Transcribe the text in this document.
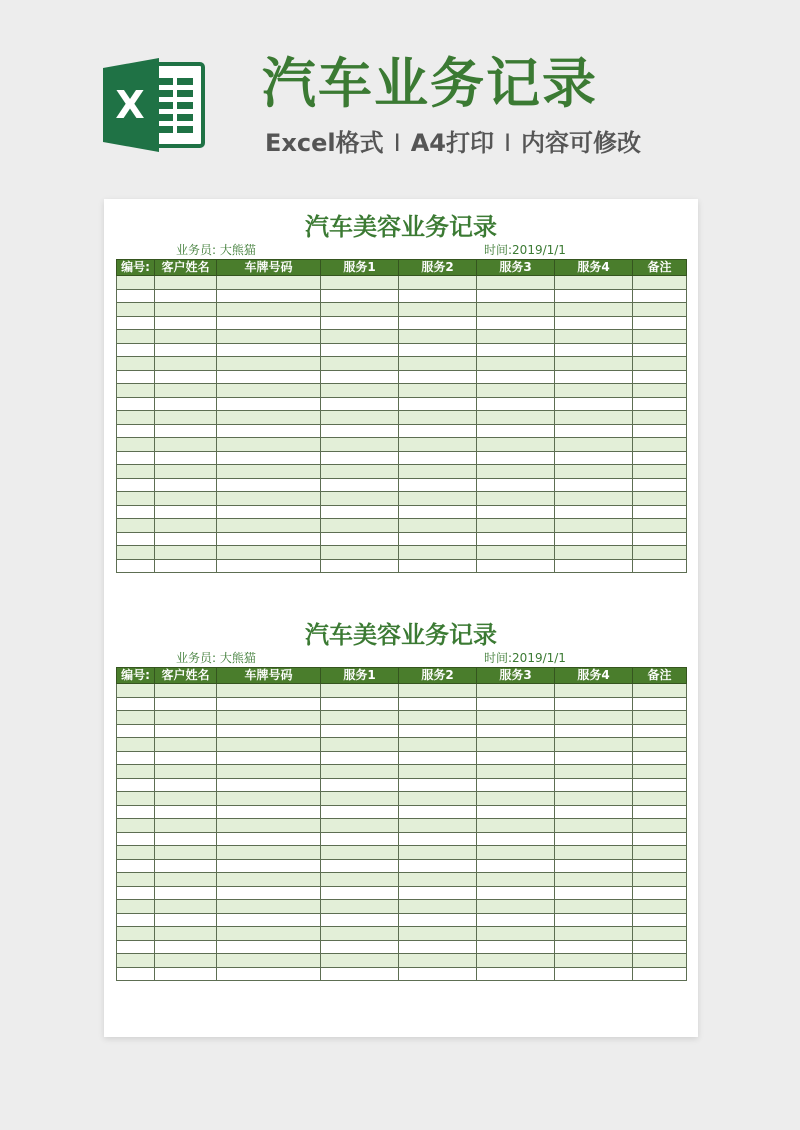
X 汽车业务记录
Excel格式 I A4打印 I 内容可修改
汽车美容业务记录
业务员: 大熊猫	时间:2019/1/1
编号:	客户姓名	车牌号码	服务1	服务2	服务3	服务4	备注

汽车美容业务记录
业务员: 大熊猫	时间:2019/1/1
编号:	客户姓名	车牌号码	服务1	服务2	服务3	服务4	备注
